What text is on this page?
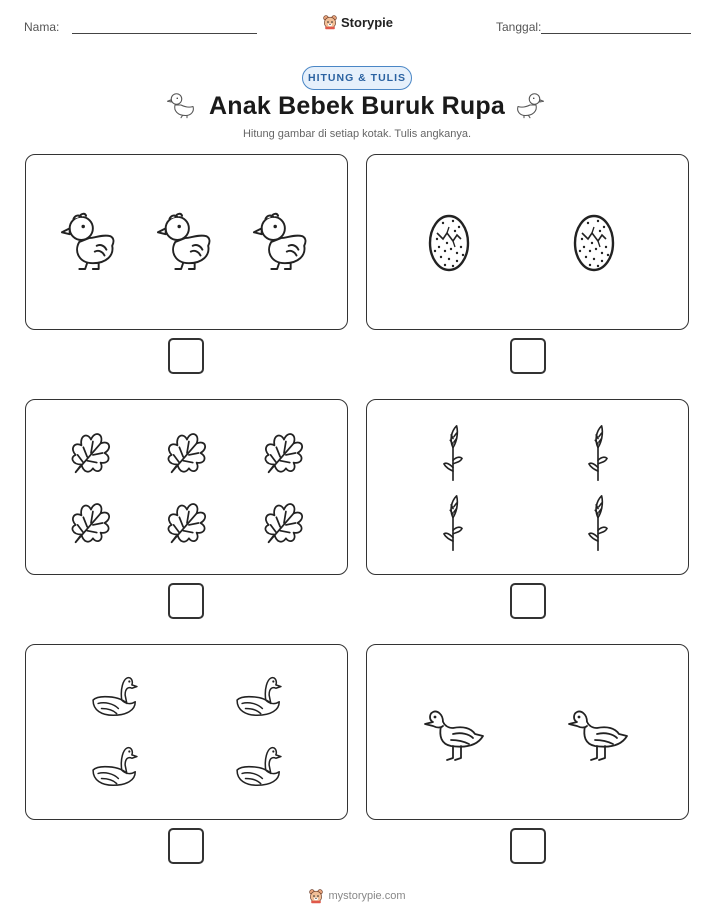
Nama:	Storypie	Tanggal:
HITUNG & TULIS
Anak Bebek Buruk Rupa
Hitung gambar di setiap kotak. Tulis angkanya.
mystorypie.com
